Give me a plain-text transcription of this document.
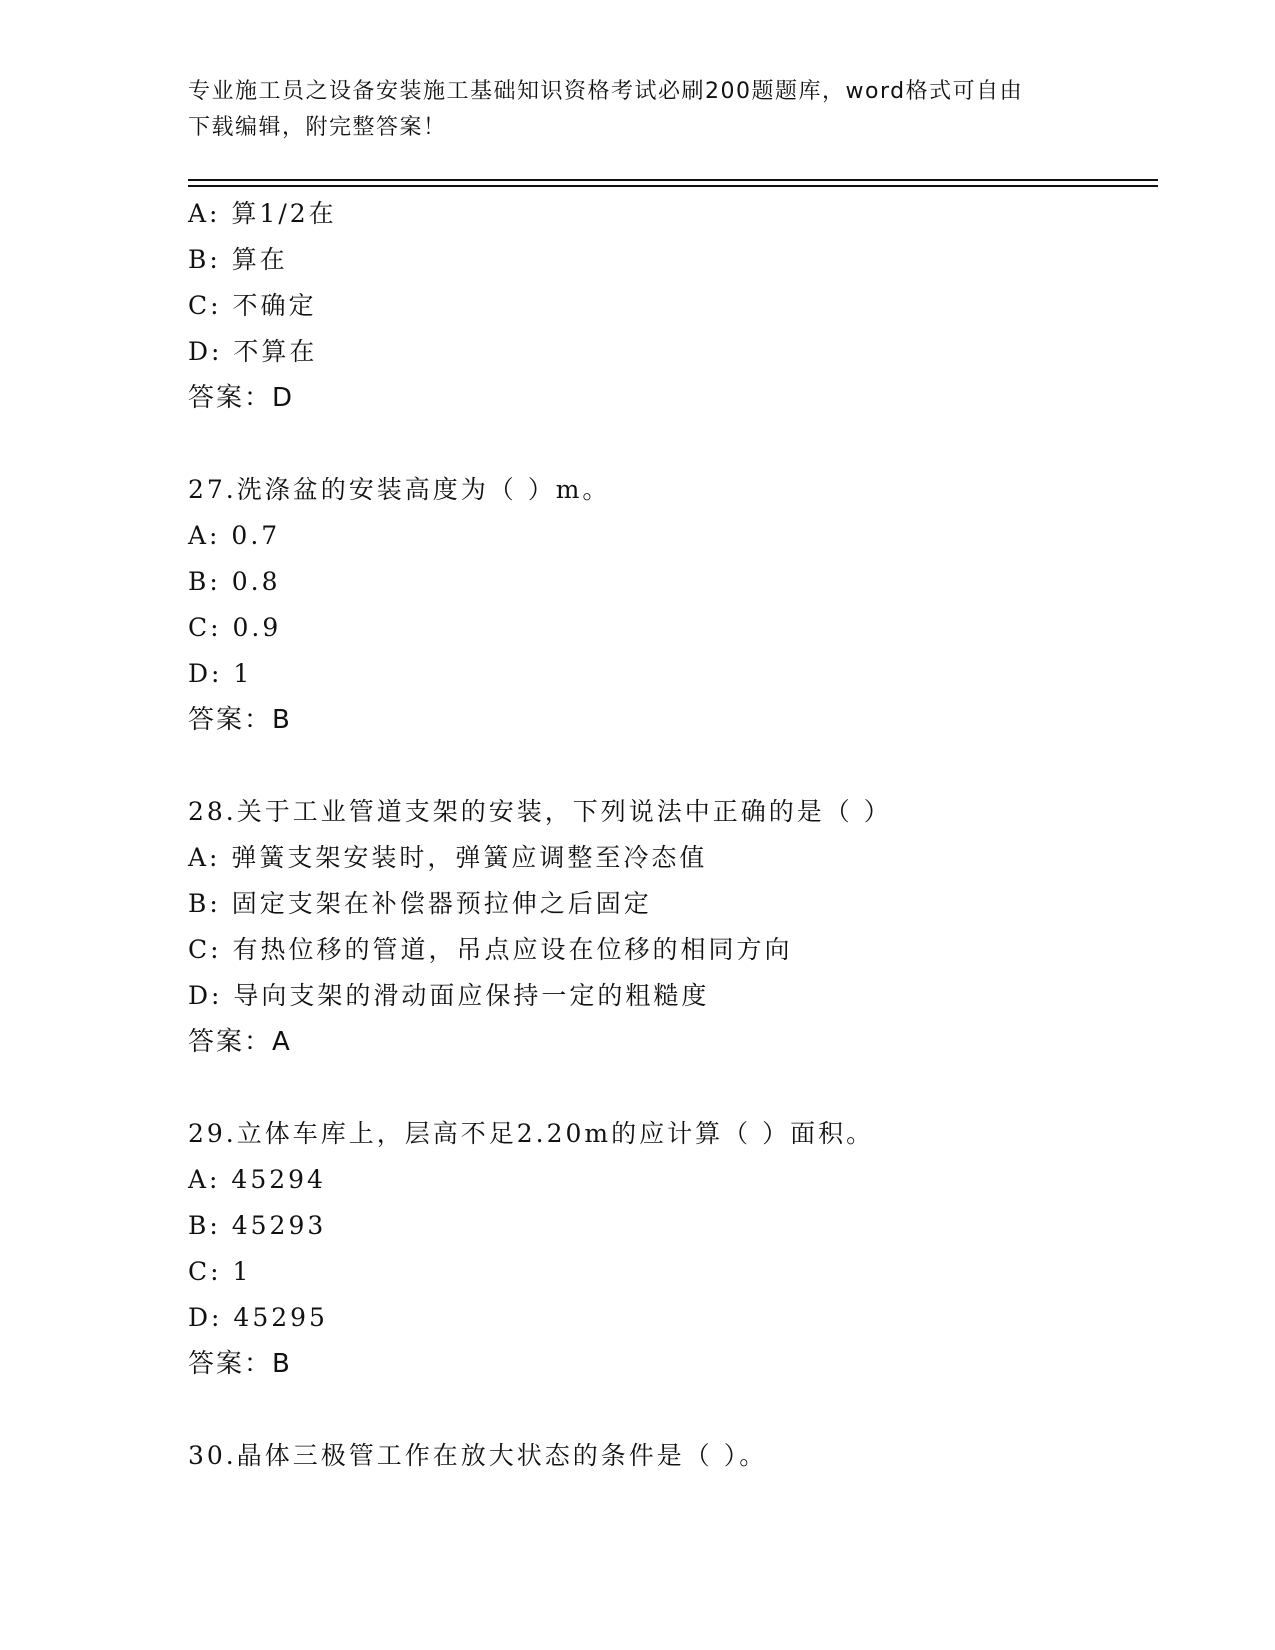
专业施工员之设备安装施工基础知识资格考试必刷200题题库，word格式可自由
下载编辑，附完整答案！
A: 算1/2在
B: 算在
C: 不确定
D: 不算在
答案：D
27.洗涤盆的安装高度为（ ）m。
A: 0.7
B: 0.8
C: 0.9
D: 1
答案：B
28.关于工业管道支架的安装，下列说法中正确的是（ ）
A: 弹簧支架安装时，弹簧应调整至冷态值
B: 固定支架在补偿器预拉伸之后固定
C: 有热位移的管道，吊点应设在位移的相同方向
D: 导向支架的滑动面应保持一定的粗糙度
答案：A
29.立体车库上，层高不足2.20m的应计算（ ）面积。
A: 45294
B: 45293
C: 1
D: 45295
答案：B
30.晶体三极管工作在放大状态的条件是（ ）。
